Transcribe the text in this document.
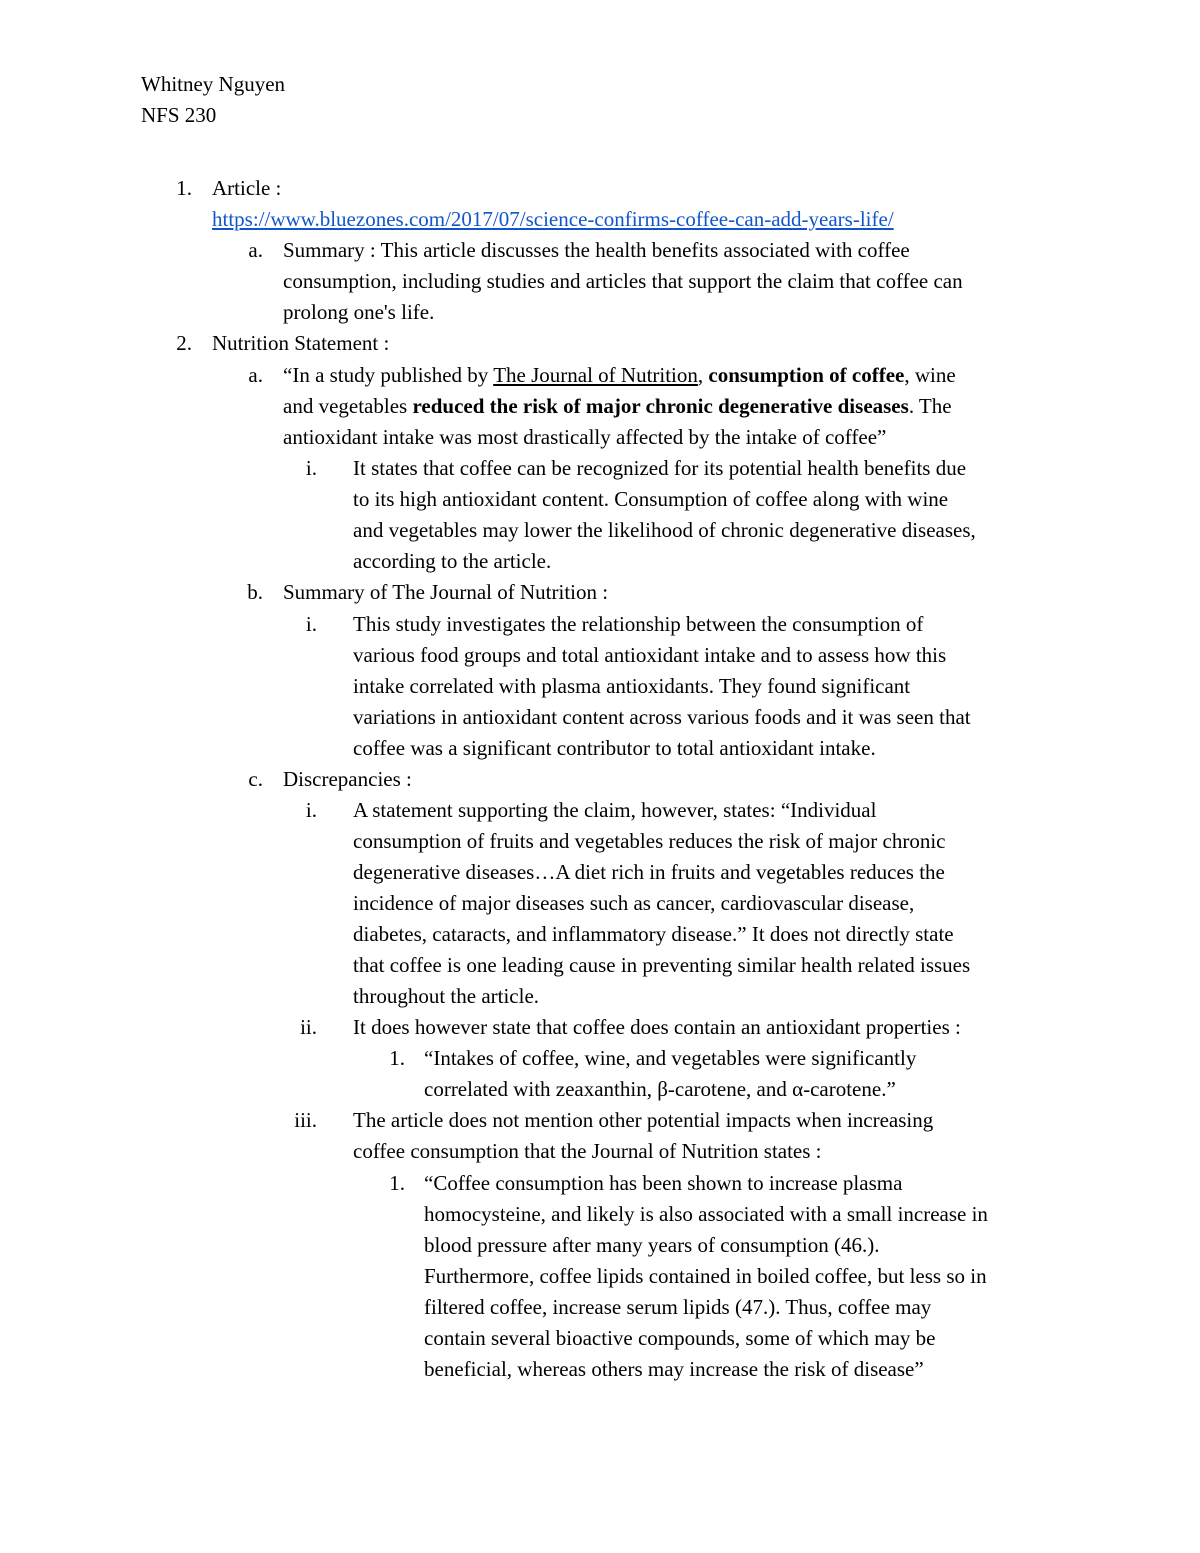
Whitney Nguyen
NFS 230
1. Article :
https://www.bluezones.com/2017/07/science-confirms-coffee-can-add-years-life/
a. Summary : This article discusses the health benefits associated with coffee
consumption, including studies and articles that support the claim that coffee can
prolong one's life.
2. Nutrition Statement :
a. “In a study published by The Journal of Nutrition, consumption of coffee, wine
and vegetables reduced the risk of major chronic degenerative diseases. The
antioxidant intake was most drastically affected by the intake of coffee”
i. It states that coffee can be recognized for its potential health benefits due
to its high antioxidant content. Consumption of coffee along with wine
and vegetables may lower the likelihood of chronic degenerative diseases,
according to the article.
b. Summary of The Journal of Nutrition :
i. This study investigates the relationship between the consumption of
various food groups and total antioxidant intake and to assess how this
intake correlated with plasma antioxidants. They found significant
variations in antioxidant content across various foods and it was seen that
coffee was a significant contributor to total antioxidant intake.
c. Discrepancies :
i. A statement supporting the claim, however, states: “Individual
consumption of fruits and vegetables reduces the risk of major chronic
degenerative diseases…A diet rich in fruits and vegetables reduces the
incidence of major diseases such as cancer, cardiovascular disease,
diabetes, cataracts, and inflammatory disease.” It does not directly state
that coffee is one leading cause in preventing similar health related issues
throughout the article.
ii. It does however state that coffee does contain an antioxidant properties :
1. “Intakes of coffee, wine, and vegetables were significantly
correlated with zeaxanthin, β-carotene, and α-carotene.”
iii. The article does not mention other potential impacts when increasing
coffee consumption that the Journal of Nutrition states :
1. “Coffee consumption has been shown to increase plasma
homocysteine, and likely is also associated with a small increase in
blood pressure after many years of consumption (46.).
Furthermore, coffee lipids contained in boiled coffee, but less so in
filtered coffee, increase serum lipids (47.). Thus, coffee may
contain several bioactive compounds, some of which may be
beneficial, whereas others may increase the risk of disease”
